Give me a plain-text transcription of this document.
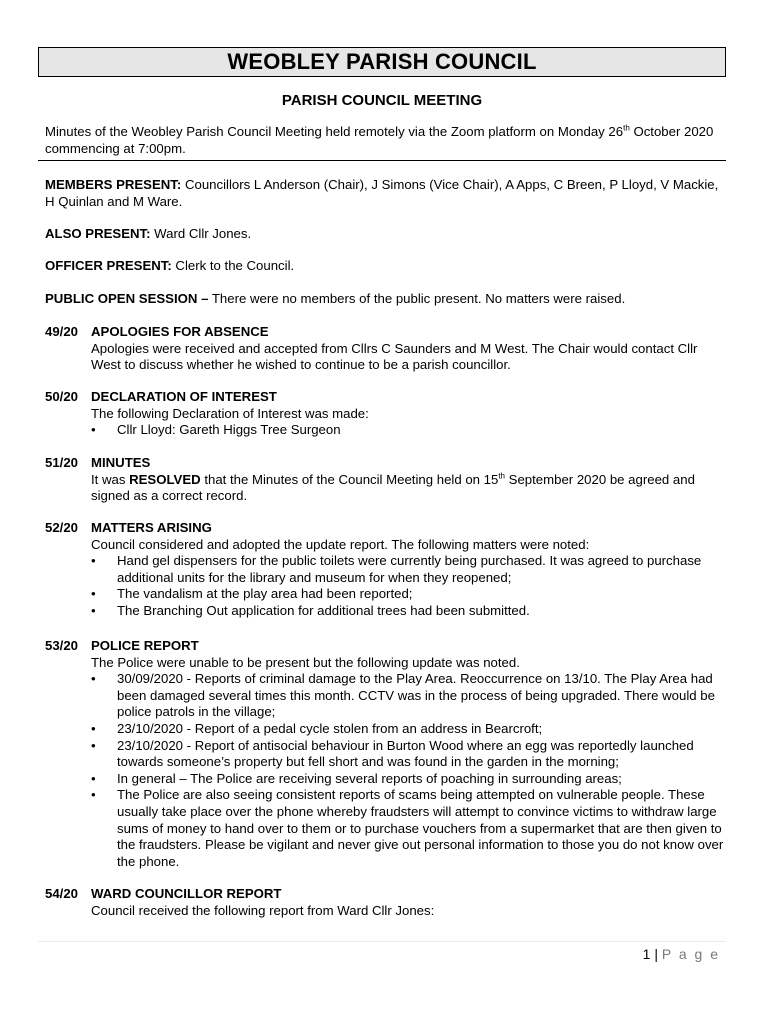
WEOBLEY PARISH COUNCIL
PARISH COUNCIL MEETING
Minutes of the Weobley Parish Council Meeting held remotely via the Zoom platform on Monday 26th October 2020 commencing at 7:00pm.
MEMBERS PRESENT: Councillors L Anderson (Chair), J Simons (Vice Chair), A Apps, C Breen, P Lloyd, V Mackie, H Quinlan and M Ware.
ALSO PRESENT: Ward Cllr Jones.
OFFICER PRESENT: Clerk to the Council.
PUBLIC OPEN SESSION – There were no members of the public present. No matters were raised.
49/20 APOLOGIES FOR ABSENCE
Apologies were received and accepted from Cllrs C Saunders and M West. The Chair would contact Cllr West to discuss whether he wished to continue to be a parish councillor.
50/20 DECLARATION OF INTEREST
The following Declaration of Interest was made:
• Cllr Lloyd: Gareth Higgs Tree Surgeon
51/20 MINUTES
It was RESOLVED that the Minutes of the Council Meeting held on 15th September 2020 be agreed and signed as a correct record.
52/20 MATTERS ARISING
Council considered and adopted the update report. The following matters were noted:
• Hand gel dispensers for the public toilets were currently being purchased. It was agreed to purchase additional units for the library and museum for when they reopened;
• The vandalism at the play area had been reported;
• The Branching Out application for additional trees had been submitted.
53/20 POLICE REPORT
The Police were unable to be present but the following update was noted.
• 30/09/2020 - Reports of criminal damage to the Play Area. Reoccurrence on 13/10. The Play Area had been damaged several times this month. CCTV was in the process of being upgraded. There would be police patrols in the village;
• 23/10/2020 - Report of a pedal cycle stolen from an address in Bearcroft;
• 23/10/2020 - Report of antisocial behaviour in Burton Wood where an egg was reportedly launched towards someone’s property but fell short and was found in the garden in the morning;
• In general – The Police are receiving several reports of poaching in surrounding areas;
• The Police are also seeing consistent reports of scams being attempted on vulnerable people. These usually take place over the phone whereby fraudsters will attempt to convince victims to withdraw large sums of money to hand over to them or to purchase vouchers from a supermarket that are then given to the fraudsters. Please be vigilant and never give out personal information to those you do not know over the phone.
54/20 WARD COUNCILLOR REPORT
Council received the following report from Ward Cllr Jones:
1 | P a g e
